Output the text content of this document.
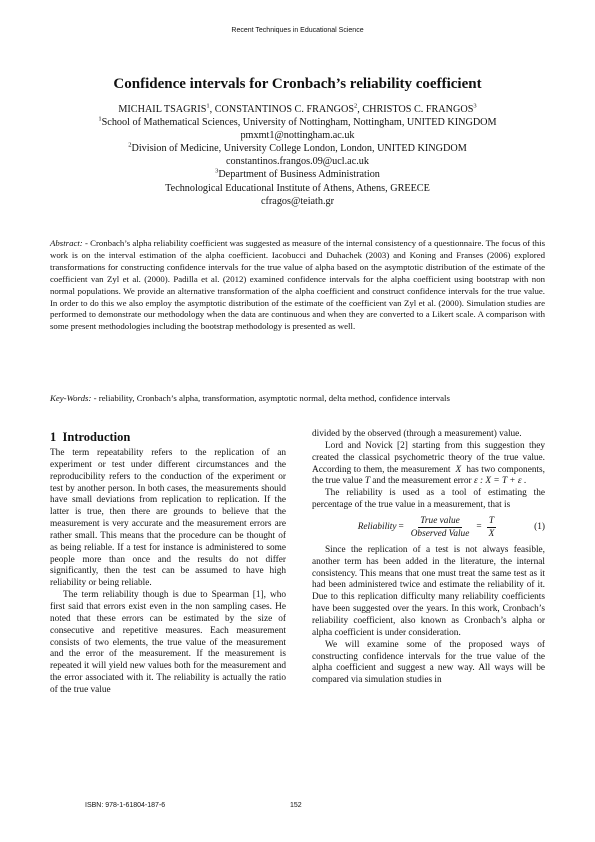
Recent Techniques in Educational Science
Confidence intervals for Cronbach’s reliability coefficient
MICHAIL TSAGRIS$^1$, CONSTANTINOS C. FRANGOS$^2$, CHRISTOS C. FRANGOS$^3$
$^1$School of Mathematical Sciences, University of Nottingham, Nottingham, UNITED KINGDOM
pmxmt1@nottingham.ac.uk
$^2$Division of Medicine, University College London, London, UNITED KINGDOM
constantinos.frangos.09@ucl.ac.uk
$^3$Department of Business Administration
Technological Educational Institute of Athens, Athens, GREECE
cfragos@teiath.gr

Abstract: - Cronbach’s alpha reliability coefficient was suggested as measure of the internal consistency of a questionnaire. The focus of this work is on the interval estimation of the alpha coefficient. Iacobucci and Duhachek (2003) and Koning and Franses (2006) explored transformations for constructing confidence intervals for the true value of alpha based on the asymptotic distribution of the estimate of the coefficient van Zyl et al. (2000). Padilla et al. (2012) examined confidence intervals for the alpha coefficient using bootstrap with non normal populations. We provide an alternative transformation of the alpha coefficient and construct confidence intervals for the true value. In order to do this we also employ the asymptotic distribution of the estimate of the coefficient van Zyl et al. (2000). Simulation studies are performed to demonstrate our methodology when the data are continuous and when they are converted to a Likert scale. A comparison with some present methodologies including the bootstrap methodology is presented as well.

Key-Words: - reliability, Cronbach’s alpha, transformation, asymptotic normal, delta method, confidence intervals

1 Introduction

The term repeatability refers to the replication of an experiment or test under different circumstances and the reproducibility refers to the conduction of the experiment or test by another person. In both cases, the measurements should have small deviations from replication to replication. If the latter is true, then there are grounds to believe that the measurement is very accurate and the measurement errors are rather small. This means that the procedure can be thought of as being reliable. If a test for instance is administered to some people more than once and the results do not differ significantly, then the test can be assumed to have high reliability or being reliable.

The term reliability though is due to Spearman [1], who first said that errors exist even in the non sampling cases. He noted that these errors can be estimated by the size of consecutive and repetitive measures. Each measurement consists of two elements, the true value of the measurement and the error of the measurement. If the measurement is repeated it will yield new values both for the measurement and the error associated with it. The reliability is actually the ratio of the true value

divided by the observed (through a measurement) value.

Lord and Novick [2] starting from this suggestion they created the classical psychometric theory of the true value. According to them, the measurement  X  has two components, the true value T and the measurement error ε : X = T + ε .

The reliability is used as a tool of estimating the percentage of the true value in a measurement, that is

Reliability = $\frac{\text{True value}}{\text{Observed Value}} = \frac{T}{X}$	(1)

Since the replication of a test is not always feasible, another term has been added in the literature, the internal consistency. This means that one must treat the same test as it had been administered twice and estimate the reliability of it. Due to this replication difficulty many reliability coefficients have been suggested over the years. In this work, Cronbach’s reliability coefficient, also known as Cronbach’s alpha or alpha coefficient is under consideration.

We will examine some of the proposed ways of constructing confidence intervals for the true value of the alpha coefficient and suggest a new way. All ways will be compared via simulation studies in

ISBN: 978-1-61804-187-6	152
